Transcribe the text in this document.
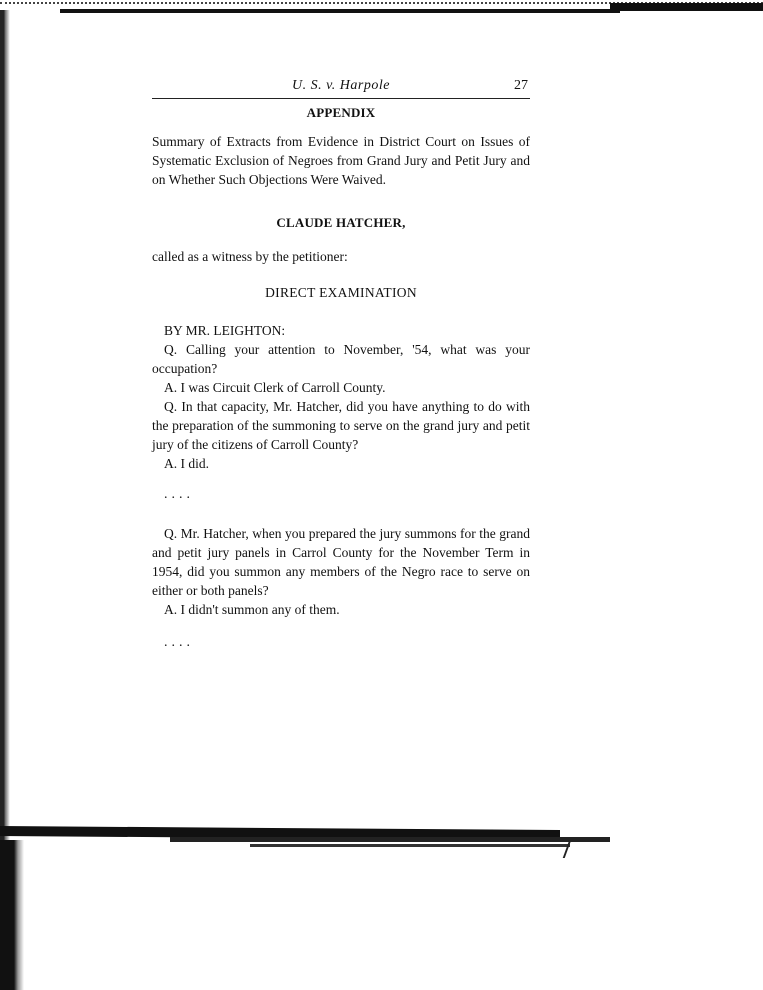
U. S. v. Harpole	27
APPENDIX

Summary of Extracts from Evidence in District Court on Issues of Systematic Exclusion of Negroes from Grand Jury and Petit Jury and on Whether Such Objections Were Waived.

CLAUDE HATCHER,

called as a witness by the petitioner:

DIRECT EXAMINATION

BY MR. LEIGHTON:

Q. Calling your attention to November, '54, what was your occupation?

A. I was Circuit Clerk of Carroll County.

Q. In that capacity, Mr. Hatcher, did you have anything to do with the preparation of the summoning to serve on the grand jury and petit jury of the citizens of Carroll County?

A. I did.

....

Q. Mr. Hatcher, when you prepared the jury summons for the grand and petit jury panels in Carrol County for the November Term in 1954, did you summon any members of the Negro race to serve on either or both panels?

A. I didn't summon any of them.

....
